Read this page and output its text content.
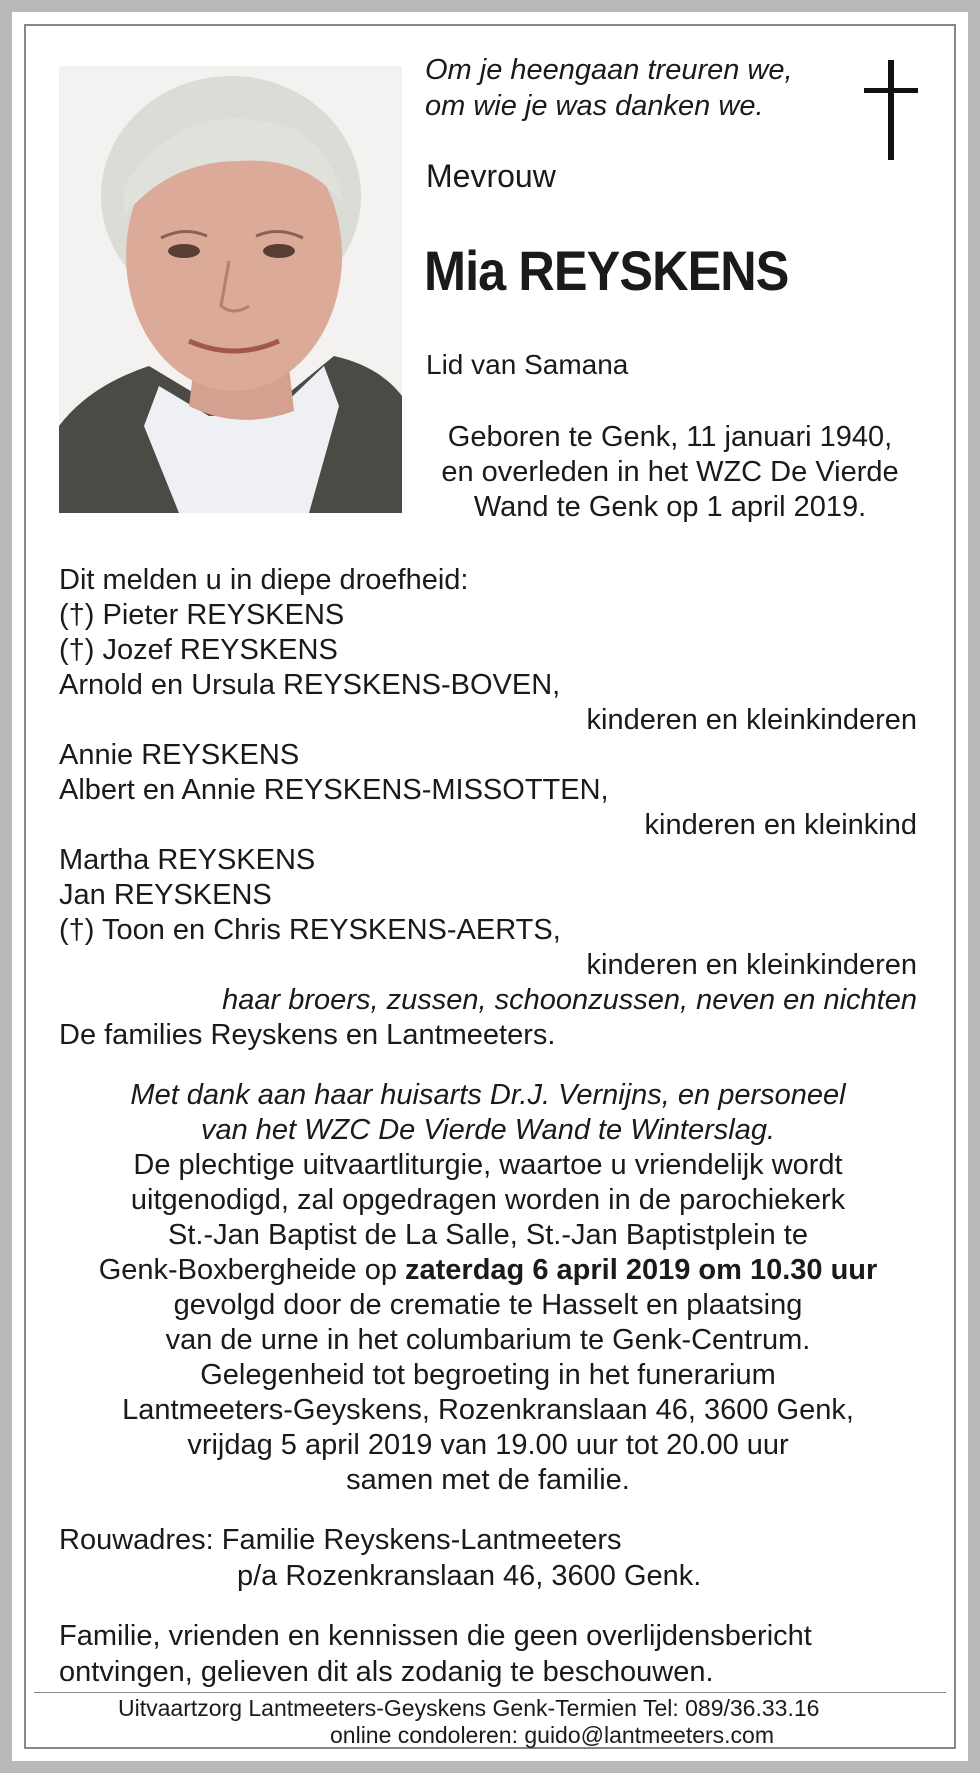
Om je heengaan treuren we,
om wie je was danken we.
Mevrouw
Mia REYSKENS
Lid van Samana
Geboren te Genk, 11 januari 1940,
en overleden in het WZC De Vierde
Wand te Genk op 1 april 2019.
Dit melden u in diepe droefheid:
(†) Pieter REYSKENS
(†) Jozef REYSKENS
Arnold en Ursula REYSKENS-BOVEN,
kinderen en kleinkinderen
Annie REYSKENS
Albert en Annie REYSKENS-MISSOTTEN,
kinderen en kleinkind
Martha REYSKENS
Jan REYSKENS
(†) Toon en Chris REYSKENS-AERTS,
kinderen en kleinkinderen
haar broers, zussen, schoonzussen, neven en nichten
De families Reyskens en Lantmeeters.
Met dank aan haar huisarts Dr.J. Vernijns, en personeel
van het WZC De Vierde Wand te Winterslag.
De plechtige uitvaartliturgie, waartoe u vriendelijk wordt
uitgenodigd, zal opgedragen worden in de parochiekerk
St.-Jan Baptist de La Salle, St.-Jan Baptistplein te
Genk-Boxbergheide op zaterdag 6 april 2019 om 10.30 uur
gevolgd door de crematie te Hasselt en plaatsing
van de urne in het columbarium te Genk-Centrum.
Gelegenheid tot begroeting in het funerarium
Lantmeeters-Geyskens, Rozenkranslaan 46, 3600 Genk,
vrijdag 5 april 2019 van 19.00 uur tot 20.00 uur
samen met de familie.
Rouwadres: Familie Reyskens-Lantmeeters
p/a Rozenkranslaan 46, 3600 Genk.
Familie, vrienden en kennissen die geen overlijdensbericht
ontvingen, gelieven dit als zodanig te beschouwen.
Uitvaartzorg Lantmeeters-Geyskens Genk-Termien Tel: 089/36.33.16
online condoleren: guido@lantmeeters.com
